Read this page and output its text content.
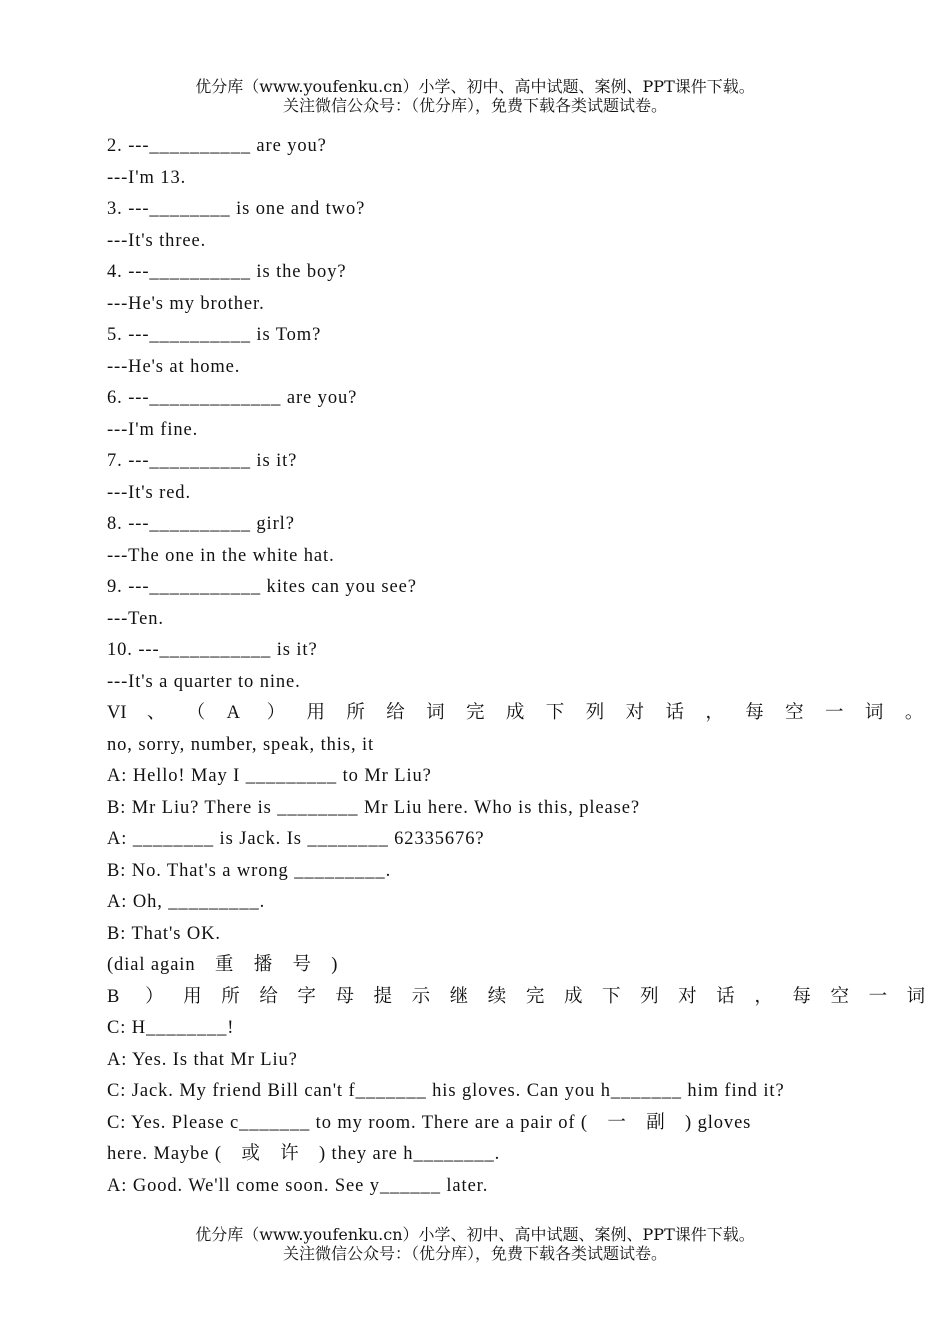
优分库（www.youfenku.cn）小学、初中、高中试题、案例、PPT课件下载。
关注微信公众号：（优分库），免费下载各类试题试卷。
2. ---__________ are you?
---I'm 13.
3. ---________ is one and two?
---It's three.
4. ---__________ is the boy?
---He's my brother.
5. ---__________ is Tom?
---He's at home.
6. ---_____________ are you?
---I'm fine.
7. ---__________ is it?
---It's red.
8. ---__________ girl?
---The one in the white hat.
9. ---___________ kites can you see?
---Ten.
10. ---___________ is it?
---It's a quarter to nine.
VI 、 （ A ） 用 所 给 词 完 成 下 列 对 话 ， 每 空 一 词 。
no, sorry, number, speak, this, it
A: Hello! May I _________ to Mr Liu?
B: Mr Liu? There is ________ Mr Liu here. Who is this, please?
A: ________ is Jack. Is ________ 62335676?
B: No. That's a wrong _________.
A: Oh, _________.
B: That's OK.
(dial again　重　播　号　)
B ） 用 所 给 字 母 提 示 继 续 完 成 下 列 对 话 ， 每 空 一 词
C: H________!
A: Yes. Is that Mr Liu?
C: Jack. My friend Bill can't f_______ his gloves. Can you h_______ him find it?
C: Yes. Please c_______ to my room. There are a pair of (　一　副　) gloves
here. Maybe (　或　许　) they are h________.
A: Good. We'll come soon. See y______ later.
优分库（www.youfenku.cn）小学、初中、高中试题、案例、PPT课件下载。
关注微信公众号：（优分库），免费下载各类试题试卷。
